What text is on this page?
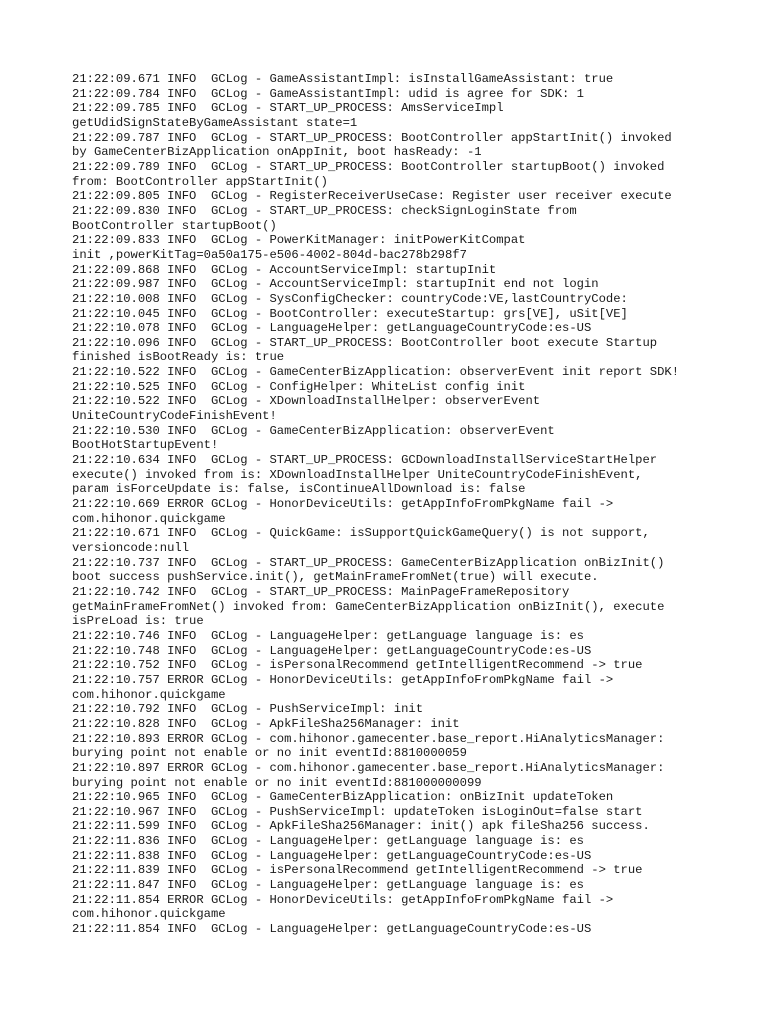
21:22:09.671 INFO  GCLog - GameAssistantImpl: isInstallGameAssistant: true
21:22:09.784 INFO  GCLog - GameAssistantImpl: udid is agree for SDK: 1
21:22:09.785 INFO  GCLog - START_UP_PROCESS: AmsServiceImpl
getUdidSignStateByGameAssistant state=1
21:22:09.787 INFO  GCLog - START_UP_PROCESS: BootController appStartInit() invoked
by GameCenterBizApplication onAppInit, boot hasReady: -1
21:22:09.789 INFO  GCLog - START_UP_PROCESS: BootController startupBoot() invoked
from: BootController appStartInit()
21:22:09.805 INFO  GCLog - RegisterReceiverUseCase: Register user receiver execute
21:22:09.830 INFO  GCLog - START_UP_PROCESS: checkSignLoginState from
BootController startupBoot()
21:22:09.833 INFO  GCLog - PowerKitManager: initPowerKitCompat
init ,powerKitTag=0a50a175-e506-4002-804d-bac278b298f7
21:22:09.868 INFO  GCLog - AccountServiceImpl: startupInit
21:22:09.987 INFO  GCLog - AccountServiceImpl: startupInit end not login
21:22:10.008 INFO  GCLog - SysConfigChecker: countryCode:VE,lastCountryCode:
21:22:10.045 INFO  GCLog - BootController: executeStartup: grs[VE], uSit[VE]
21:22:10.078 INFO  GCLog - LanguageHelper: getLanguageCountryCode:es-US
21:22:10.096 INFO  GCLog - START_UP_PROCESS: BootController boot execute Startup
finished isBootReady is: true
21:22:10.522 INFO  GCLog - GameCenterBizApplication: observerEvent init report SDK!
21:22:10.525 INFO  GCLog - ConfigHelper: WhiteList config init
21:22:10.522 INFO  GCLog - XDownloadInstallHelper: observerEvent
UniteCountryCodeFinishEvent!
21:22:10.530 INFO  GCLog - GameCenterBizApplication: observerEvent
BootHotStartupEvent!
21:22:10.634 INFO  GCLog - START_UP_PROCESS: GCDownloadInstallServiceStartHelper
execute() invoked from is: XDownloadInstallHelper UniteCountryCodeFinishEvent,
param isForceUpdate is: false, isContinueAllDownload is: false
21:22:10.669 ERROR GCLog - HonorDeviceUtils: getAppInfoFromPkgName fail ->
com.hihonor.quickgame
21:22:10.671 INFO  GCLog - QuickGame: isSupportQuickGameQuery() is not support,
versioncode:null
21:22:10.737 INFO  GCLog - START_UP_PROCESS: GameCenterBizApplication onBizInit()
boot success pushService.init(), getMainFrameFromNet(true) will execute.
21:22:10.742 INFO  GCLog - START_UP_PROCESS: MainPageFrameRepository
getMainFrameFromNet() invoked from: GameCenterBizApplication onBizInit(), execute
isPreLoad is: true
21:22:10.746 INFO  GCLog - LanguageHelper: getLanguage language is: es
21:22:10.748 INFO  GCLog - LanguageHelper: getLanguageCountryCode:es-US
21:22:10.752 INFO  GCLog - isPersonalRecommend getIntelligentRecommend -> true
21:22:10.757 ERROR GCLog - HonorDeviceUtils: getAppInfoFromPkgName fail ->
com.hihonor.quickgame
21:22:10.792 INFO  GCLog - PushServiceImpl: init
21:22:10.828 INFO  GCLog - ApkFileSha256Manager: init
21:22:10.893 ERROR GCLog - com.hihonor.gamecenter.base_report.HiAnalyticsManager:
burying point not enable or no init eventId:8810000059
21:22:10.897 ERROR GCLog - com.hihonor.gamecenter.base_report.HiAnalyticsManager:
burying point not enable or no init eventId:881000000099
21:22:10.965 INFO  GCLog - GameCenterBizApplication: onBizInit updateToken
21:22:10.967 INFO  GCLog - PushServiceImpl: updateToken isLoginOut=false start
21:22:11.599 INFO  GCLog - ApkFileSha256Manager: init() apk fileSha256 success.
21:22:11.836 INFO  GCLog - LanguageHelper: getLanguage language is: es
21:22:11.838 INFO  GCLog - LanguageHelper: getLanguageCountryCode:es-US
21:22:11.839 INFO  GCLog - isPersonalRecommend getIntelligentRecommend -> true
21:22:11.847 INFO  GCLog - LanguageHelper: getLanguage language is: es
21:22:11.854 ERROR GCLog - HonorDeviceUtils: getAppInfoFromPkgName fail ->
com.hihonor.quickgame
21:22:11.854 INFO  GCLog - LanguageHelper: getLanguageCountryCode:es-US
